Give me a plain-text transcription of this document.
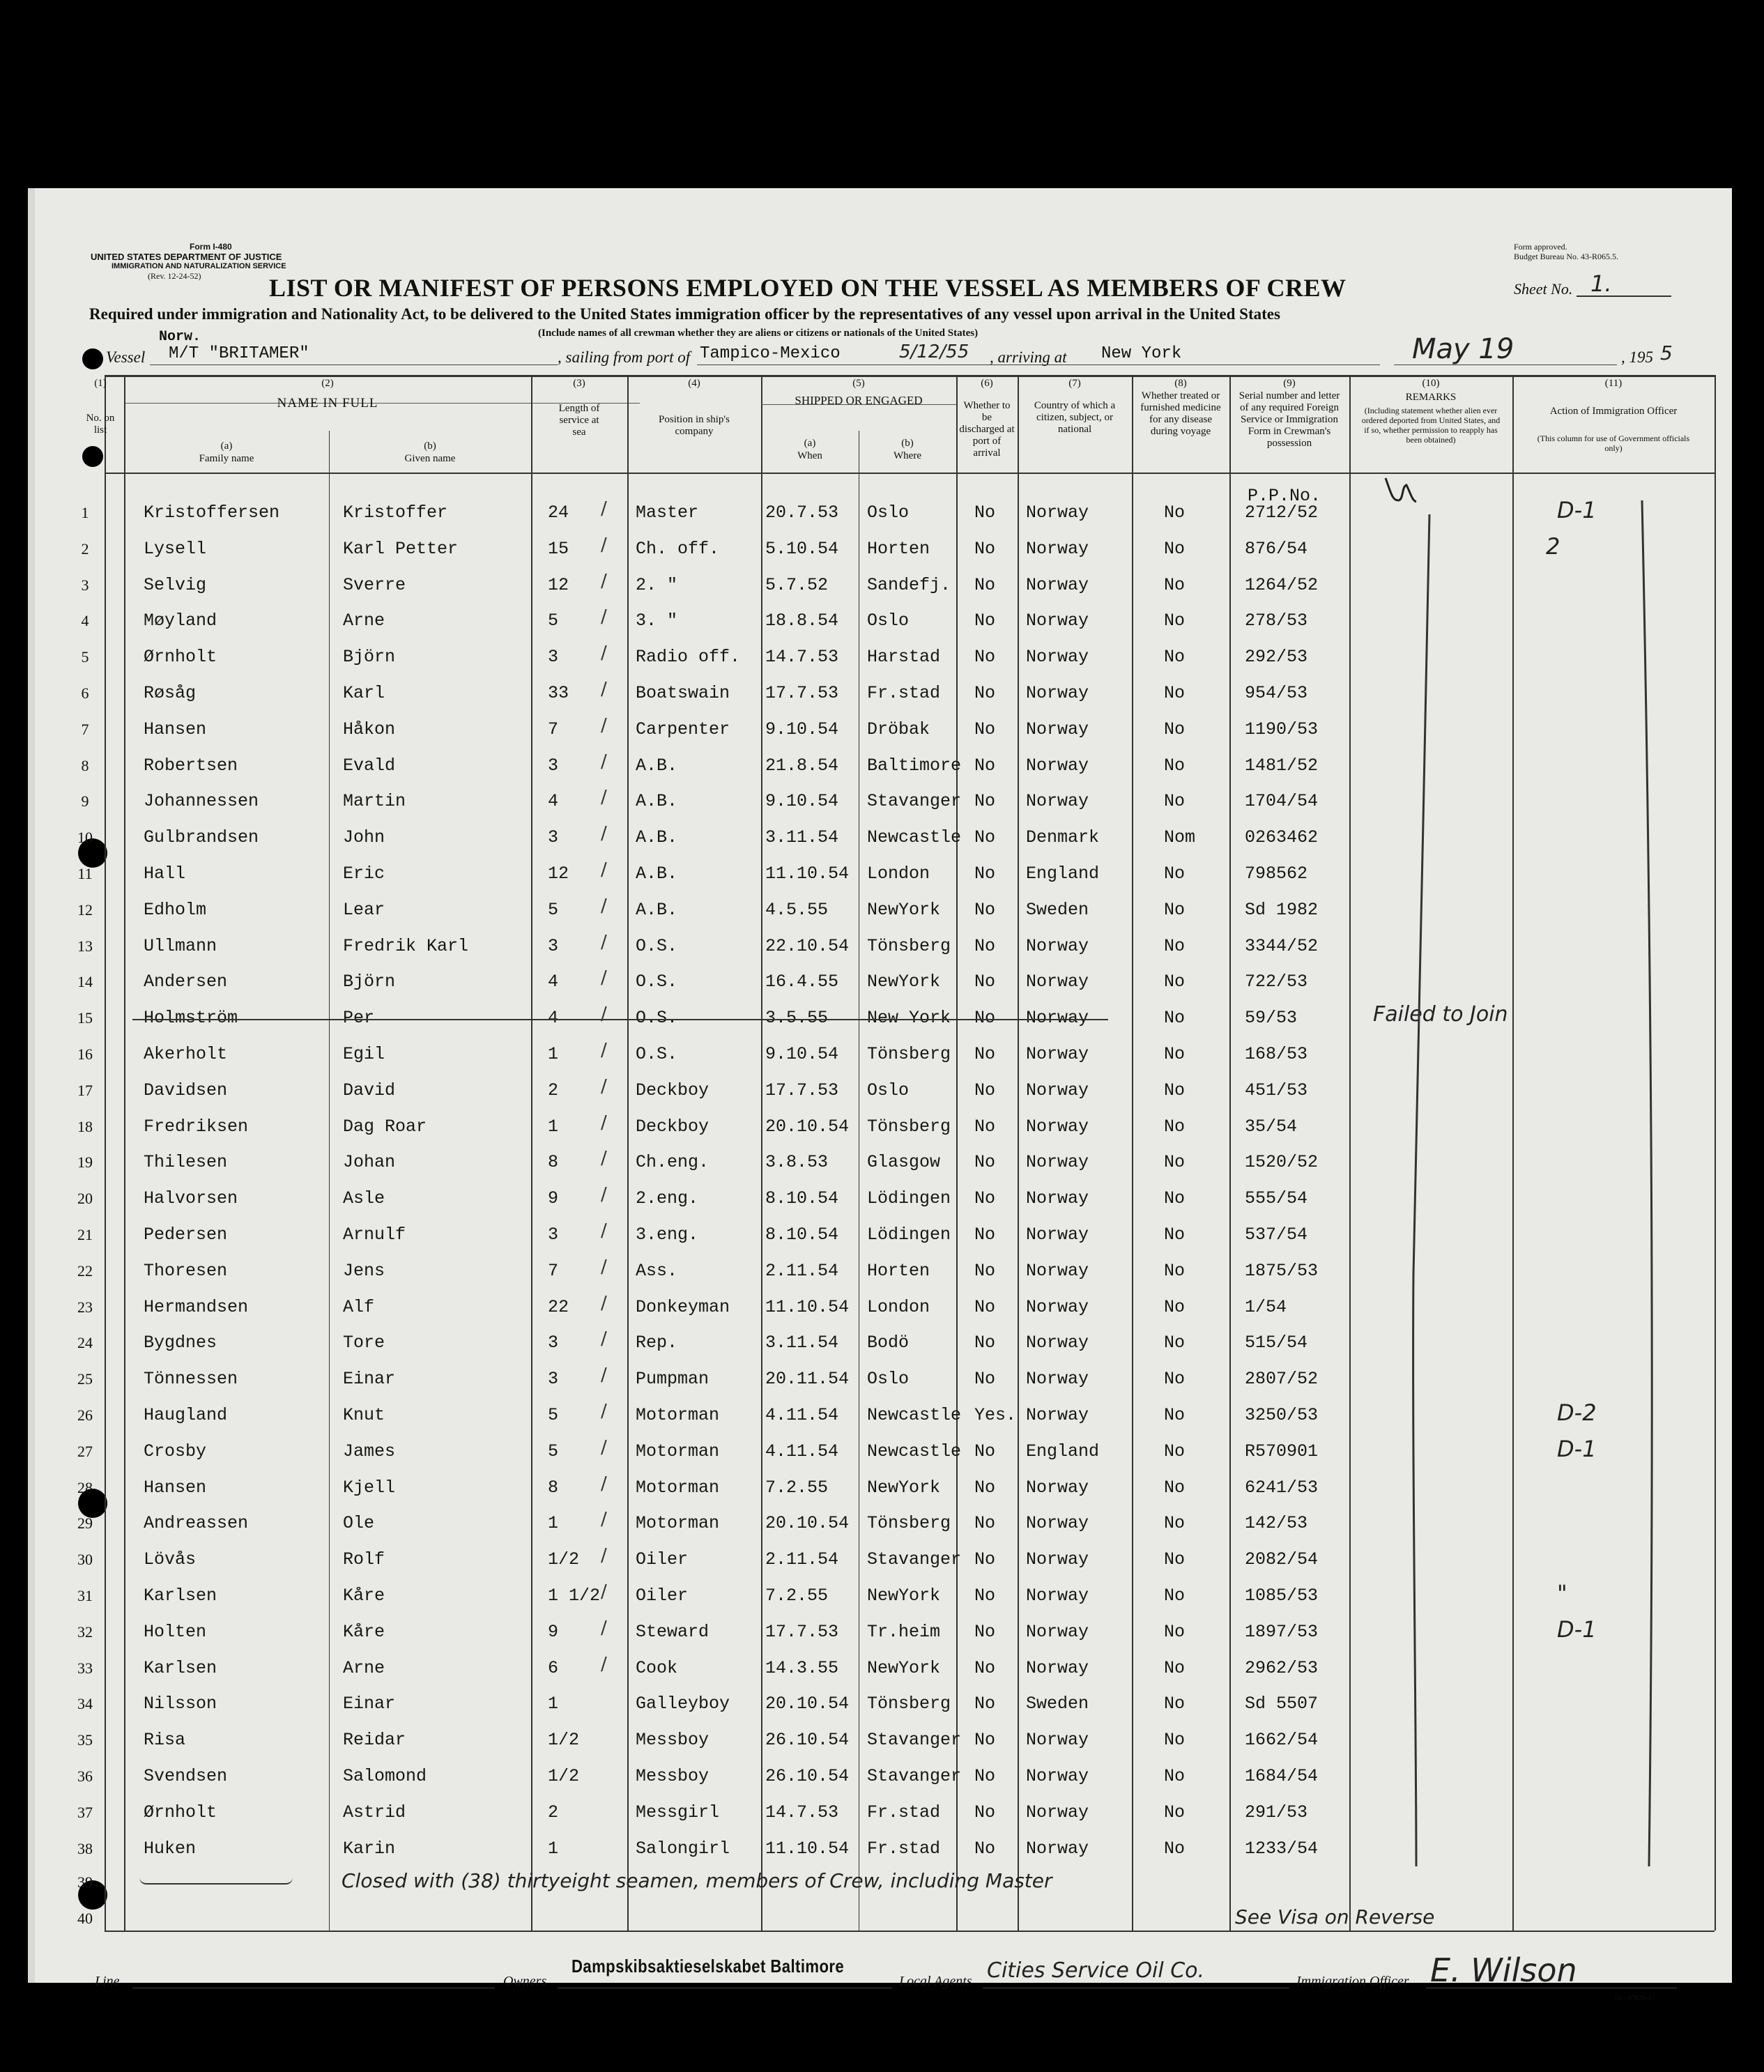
Form I-480
UNITED STATES DEPARTMENT OF JUSTICE
IMMIGRATION AND NATURALIZATION SERVICE
(Rev. 12-24-52)
Form approved.
Budget Bureau No. 43-R065.5.
LIST OR MANIFEST OF PERSONS EMPLOYED ON THE VESSEL AS MEMBERS OF CREW	Sheet No. 1.
Required under immigration and Nationality Act, to be delivered to the United States immigration officer by the representatives of any vessel upon arrival in the United States
(Include names of all crewman whether they are aliens or citizens or nationals of the United States)
Vessel
Norw.
M/T "BRITAMER"	, sailing from port of Tampico-Mexico	5/12/55 , arriving at New York	May 19	, 195 5
(1)
No. on list
(2)
NAME IN FULL
(a)
Family name
(b)
Given name
(3)
Length of service at sea
(4)
Position in ship's company
(5)
SHIPPED OR ENGAGED
(a)
When
(b)
Where
(6)
Whether to be discharged at port of arrival
(7)
Country of which a citizen, subject, or national
(8)
Whether treated or furnished medicine for any disease during voyage
(9)
Serial number and letter of any required Foreign Service or Immigration Form in Crewman's possession
(10)
REMARKS
(Including statement whether alien ever ordered deported from United States, and if so, whether permission to reapply has been obtained)
(11)
Action of Immigration Officer
(This column for use of Government officials only)
1	Kristoffersen	Kristoffer	24	Master	20.7.53 Oslo	No Norway	No	2712/52
P.P.No.
/	D-1
2	Lysell	Karl Petter	15	Ch. off.	5.10.54 Horten	No Norway	No	876/54
/	2
3	Selvig	Sverre	12	2. "	5.7.52 Sandefj. No Norway	No	1264/52
/
4	Møyland	Arne	5	3. "	18.8.54 Oslo	No Norway	No	278/53
/
5	Ørnholt	Björn	3	Radio off. 14.7.53 Harstad No Norway	No	292/53
/
6	Røsåg	Karl	33	Boatswain 17.7.53 Fr.stad No Norway	No	954/53
/
7	Hansen	Håkon	7	Carpenter 9.10.54 Dröbak	No Norway	No	1190/53
/
8	Robertsen	Evald	3	A.B.	21.8.54 Baltimore No Norway	No	1481/52
/
9	Johannessen	Martin	4	A.B.	9.10.54 Stavanger No Norway	No	1704/54
/
10	Gulbrandsen	John	3	A.B.	3.11.54 Newcastle No Denmark	Nom	0263462
/
11	Hall	Eric	12	A.B.	11.10.54 London	No England	No	798562
/
12	Edholm	Lear	5	A.B.	4.5.55 NewYork No Sweden	No	Sd 1982
/
13	Ullmann	Fredrik Karl	3	O.S.	22.10.54 Tönsberg No Norway	No	3344/52
/
14	Andersen	Björn	4	O.S.	16.4.55 NewYork No Norway	No	722/53
/
15	Holmström	Per	4	O.S.	3.5.55 New York No Norway	No	59/53
/	Failed to Join
16	Akerholt	Egil	1	O.S.	9.10.54 Tönsberg No Norway	No	168/53
/
17	Davidsen	David	2	Deckboy	17.7.53 Oslo	No Norway	No	451/53
/
18	Fredriksen	Dag Roar	1	Deckboy	20.10.54 Tönsberg No Norway	No	35/54
/
19	Thilesen	Johan	8	Ch.eng.	3.8.53 Glasgow No Norway	No	1520/52
/
20	Halvorsen	Asle	9	2.eng.	8.10.54 Lödingen No Norway	No	555/54
/
21	Pedersen	Arnulf	3	3.eng.	8.10.54 Lödingen No Norway	No	537/54
/
22	Thoresen	Jens	7	Ass.	2.11.54 Horten	No Norway	No	1875/53
/
23	Hermandsen	Alf	22	Donkeyman 11.10.54 London	No Norway	No	1/54
/
24	Bygdnes	Tore	3	Rep.	3.11.54 Bodö	No Norway	No	515/54
/
25	Tönnessen	Einar	3	Pumpman	20.11.54 Oslo	No Norway	No	2807/52
/
26	Haugland	Knut	5	Motorman	4.11.54 Newcastle Yes. Norway	No	3250/53
/	D-2
27	Crosby	James	5	Motorman	4.11.54 Newcastle No England	No	R570901
/	D-1
28	Hansen	Kjell	8	Motorman	7.2.55 NewYork No Norway	No	6241/53
/
29	Andreassen	Ole	1	Motorman	20.10.54 Tönsberg No Norway	No	142/53
/
30	Lövås	Rolf	1/2	Oiler	2.11.54 Stavanger No Norway	No	2082/54
/
31	Karlsen	Kåre	1 1/2 Oiler	7.2.55 NewYork No Norway	No	1085/53
/	"
32	Holten	Kåre	9	Steward	17.7.53 Tr.heim No Norway	No	1897/53
/	D-1
33	Karlsen	Arne	6	Cook	14.3.55 NewYork No Norway	No	2962/53
/
34	Nilsson	Einar	1	Galleyboy 20.10.54 Tönsberg No Sweden	No	Sd 5507
35	Risa	Reidar	1/2	Messboy	26.10.54 Stavanger No Norway	No	1662/54
36	Svendsen	Salomond	1/2	Messboy	26.10.54 Stavanger No Norway	No	1684/54
37	Ørnholt	Astrid	2	Messgirl	14.7.53 Fr.stad No Norway	No	291/53
38	Huken	Karin	1	Salongirl 11.10.54 Fr.stad No Norway	No	1233/54
39
40
Closed with (38) thirtyeight seamen, members of Crew, including Master
See Visa on Reverse
Line	Owners
Dampskibsaktieselskabet Baltimore
Local Agents Cities Service Oil Co.	Immigration Officer E. Wilson
16—67820-1
